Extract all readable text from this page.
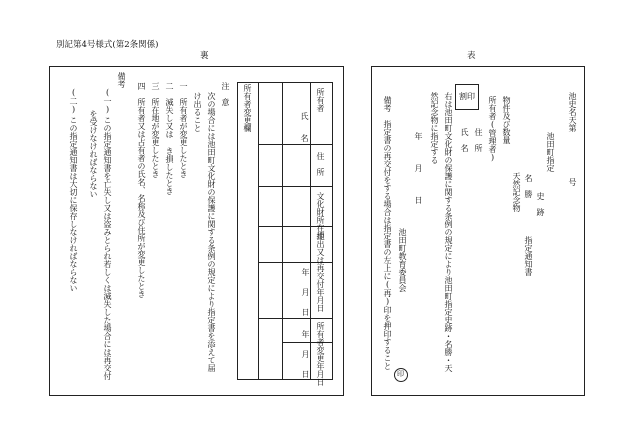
別記第4号様式(第2条関係)
裏	表
所有者変更欄	所有者
氏名
住所
文化財所在地
提出又は再交付年月日
所有者変更年月日
年　月　日
年　月　日
注　意
次の場合には池田町文化財の保護に関する条例の規定により指定書を添えて届
け出ること
一　所有者が変更したとき
二　滅失し又は き損したとき
三　所在地が変更したとき
四　所有者又は占有者の氏名、名称及び住所が変更したとき
備考
(一)
この指定通知書を亡失し又は盗みとられ若しくは滅失した場合には再交付
を受けなければならない
(二)
この指定通知書は大切に保存しなければならない
池史名天第
号
池田町指定
史　跡
名　勝
天然記念物
指定通知書
物件及び数量
所有者(管理者)
住　所
氏　名
割印
右は池田町文化財の保護に関する条例の規定により池田町指定史跡・名勝・天
然記念物に指定する
年　月　日
池田町教育委員会
備考　指定書の再交付をする場合は指定書の左上に(再)印を押印すること
印
